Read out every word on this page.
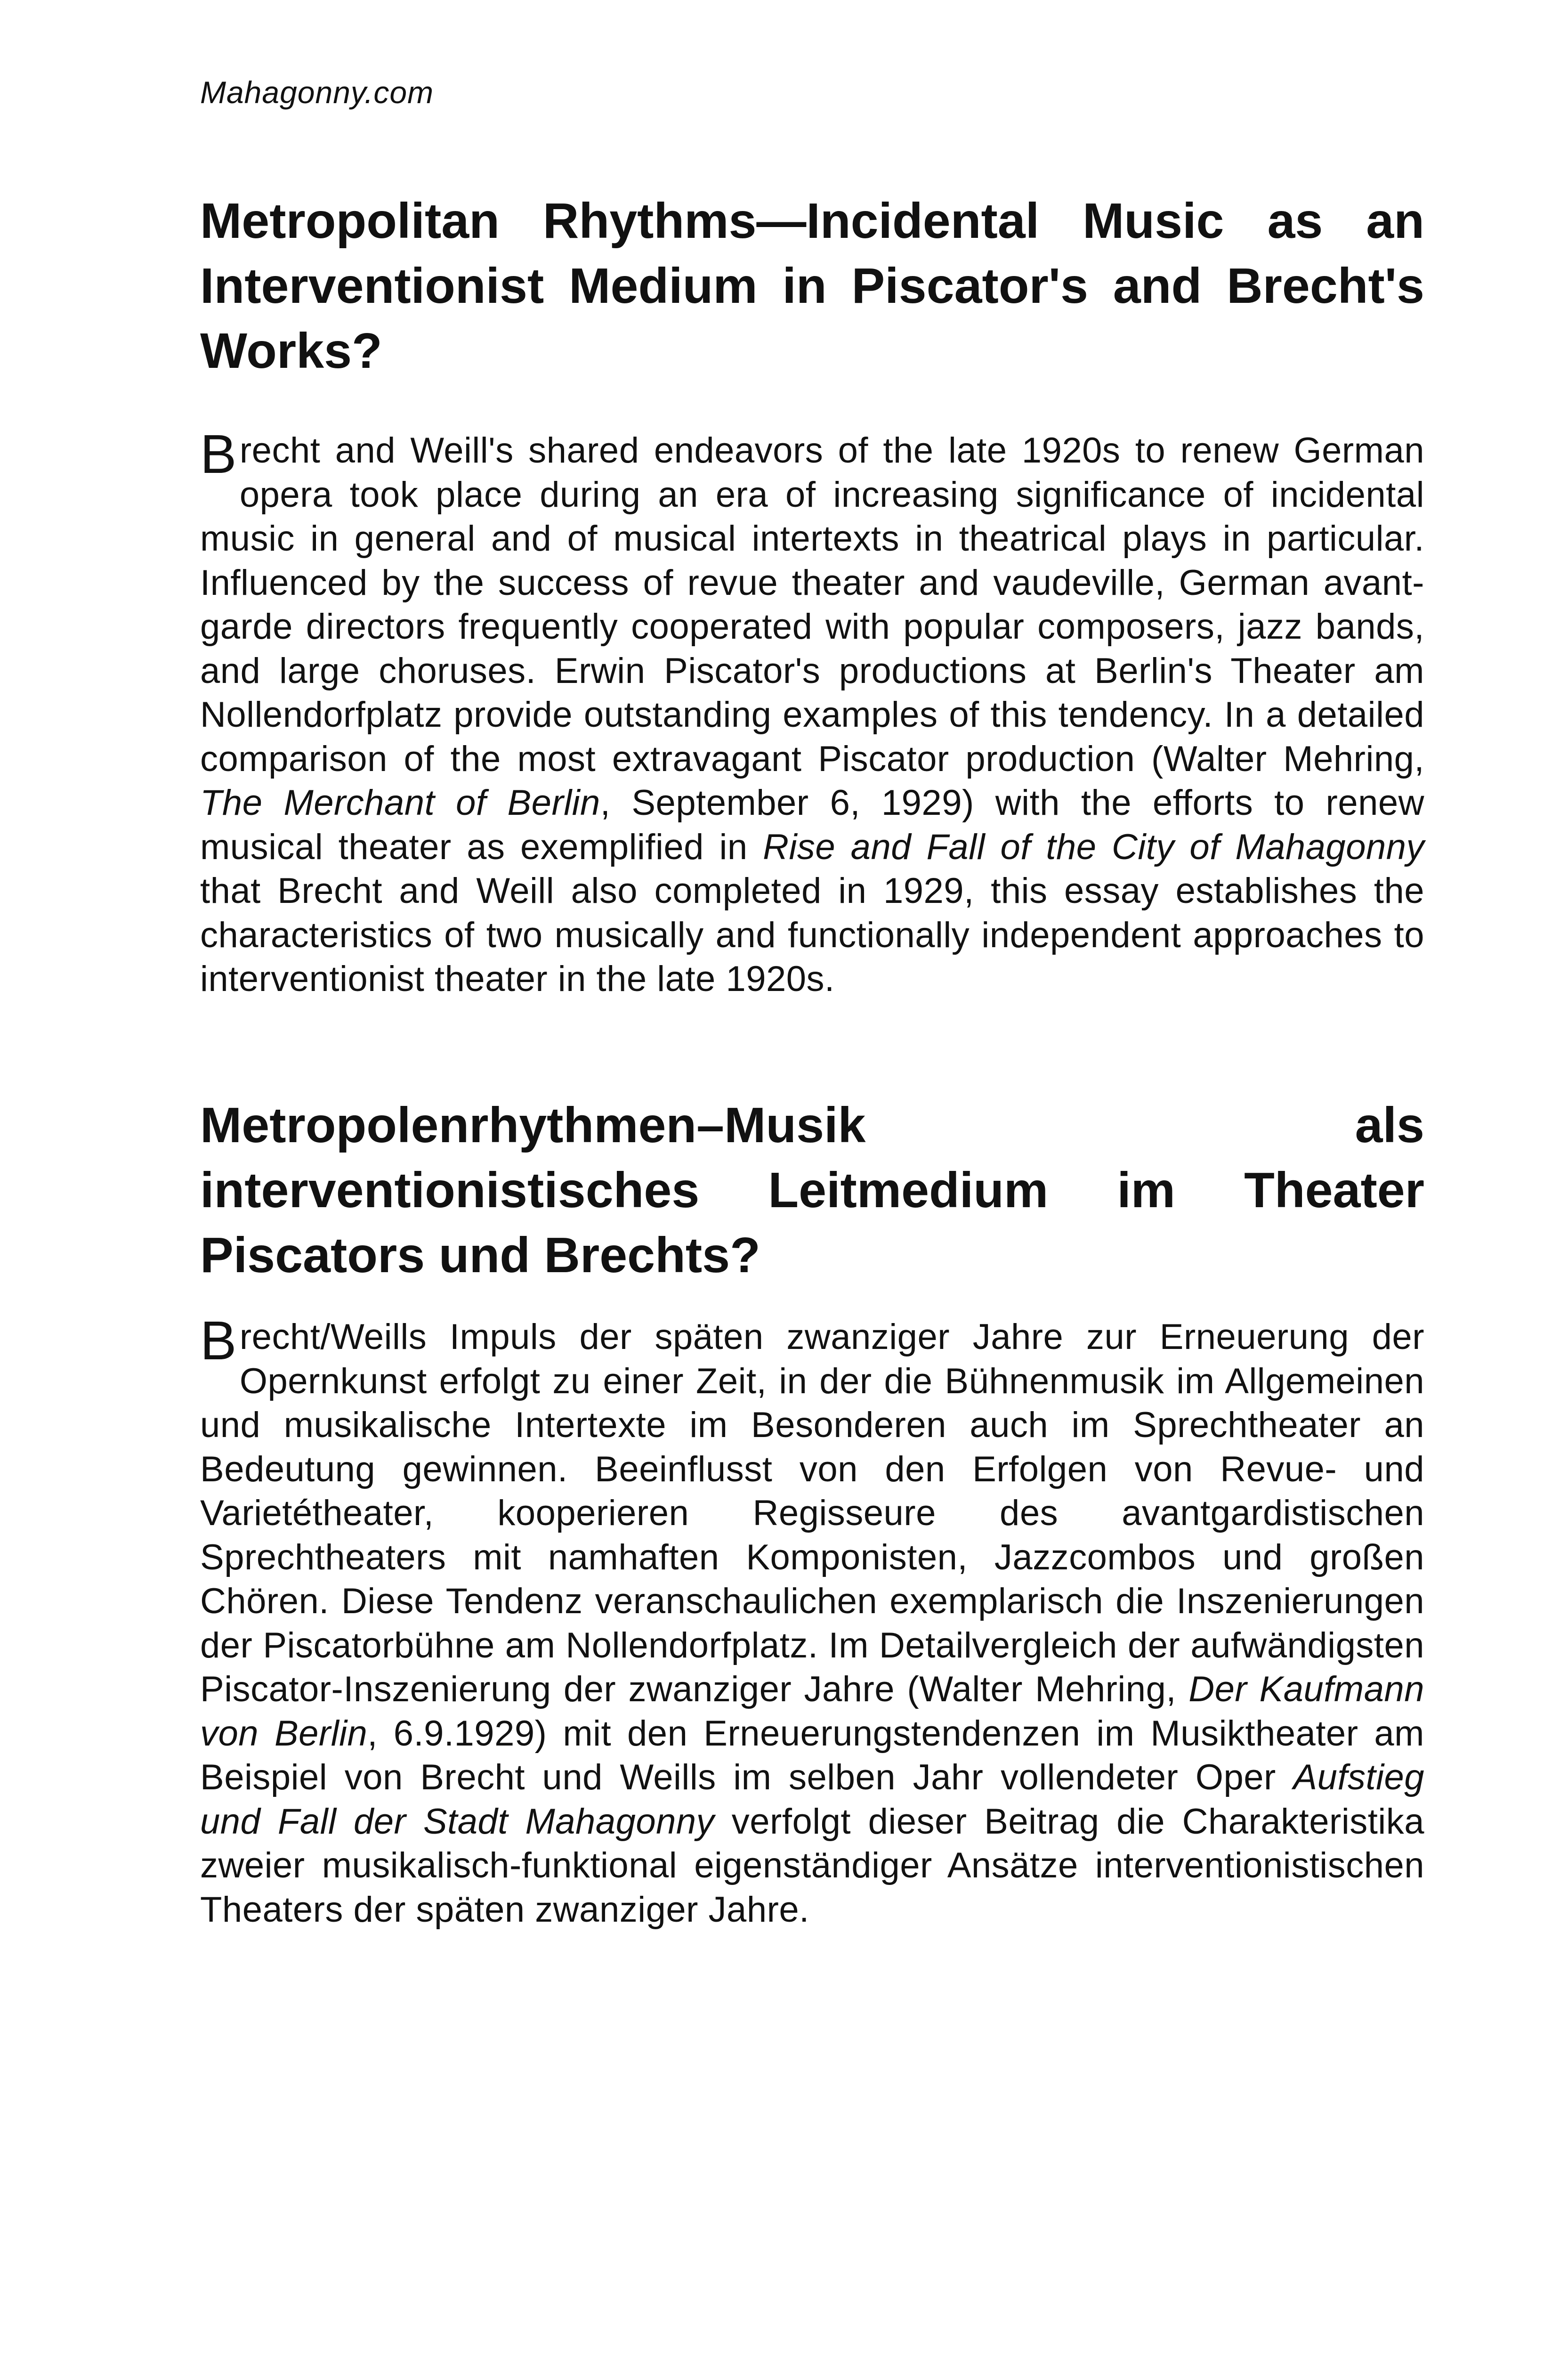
Mahagonny.com
Metropolitan Rhythms—Incidental Music as an Interventionist Medium in Piscator's and Brecht's Works?

Brecht and Weill's shared endeavors of the late 1920s to renew German opera took place during an era of increasing significance of incidental music in general and of musical intertexts in theatrical plays in particular. Influenced by the success of revue theater and vaudeville, German avant-garde directors frequently cooperated with popular composers, jazz bands, and large choruses. Erwin Piscator's productions at Berlin's Theater am Nollendorfplatz provide outstanding examples of this tendency. In a detailed comparison of the most extravagant Piscator production (Walter Mehring, The Merchant of Berlin, September 6, 1929) with the efforts to renew musical theater as exemplified in Rise and Fall of the City of Mahagonny that Brecht and Weill also completed in 1929, this essay establishes the characteristics of two musically and functionally independent approaches to interventionist theater in the late 1920s.

Metropolenrhythmen–Musik als interventionistisches Leitmedium im Theater Piscators und Brechts?

Brecht/Weills Impuls der späten zwanziger Jahre zur Erneuerung der Opernkunst erfolgt zu einer Zeit, in der die Bühnenmusik im Allgemeinen und musikalische Intertexte im Besonderen auch im Sprechtheater an Bedeutung gewinnen. Beeinflusst von den Erfolgen von Revue- und Varietétheater, kooperieren Regisseure des avantgardistischen Sprechtheaters mit namhaften Komponisten, Jazzcombos und großen Chören. Diese Tendenz veranschaulichen exemplarisch die Inszenierungen der Piscatorbühne am Nollendorfplatz. Im Detailvergleich der aufwändigsten Piscator-Inszenierung der zwanziger Jahre (Walter Mehring, Der Kaufmann von Berlin, 6.9.1929) mit den Erneuerungstendenzen im Musiktheater am Beispiel von Brecht und Weills im selben Jahr vollendeter Oper Aufstieg und Fall der Stadt Mahagonny verfolgt dieser Beitrag die Charakteristika zweier musikalisch-funktional eigenständiger Ansätze interventionistischen Theaters der späten zwanziger Jahre.
